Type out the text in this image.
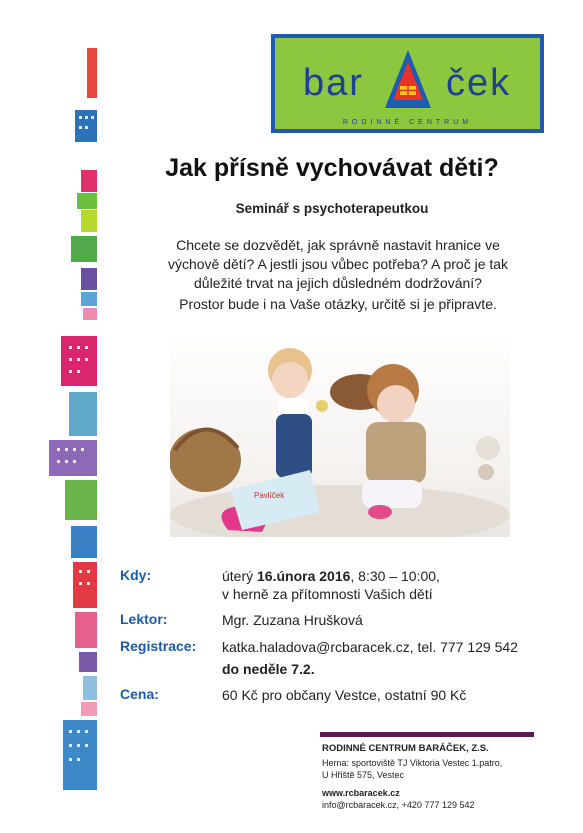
bar ček
RODINNÉ CENTRUM
Jak přísně vychovávat děti?
Seminář s psychoterapeutkou
Chcete se dozvědět, jak správně nastavit hranice ve
výchově dětí? A jestli jsou vůbec potřeba? A proč je tak
důležité trvat na jejich důsledném dodržování?
Prostor bude i na Vaše otázky, určitě si je připravte.
Pavlíček
Kdy:	úterý 16.února 2016, 8:30 – 10:00,
v herně za přítomnosti Vašich dětí
Lektor:	Mgr. Zuzana Hrušková
Registrace: katka.haladova@rcbaracek.cz, tel. 777 129 542
do neděle 7.2.
Cena:	60 Kč pro občany Vestce, ostatní 90 Kč
RODINNÉ CENTRUM BARÁČEK, Z.S.
Herna: sportoviště TJ Viktoria Vestec 1.patro,
U Hřiště 575, Vestec
www.rcbaracek.cz
info@rcbaracek.cz, +420 777 129 542
